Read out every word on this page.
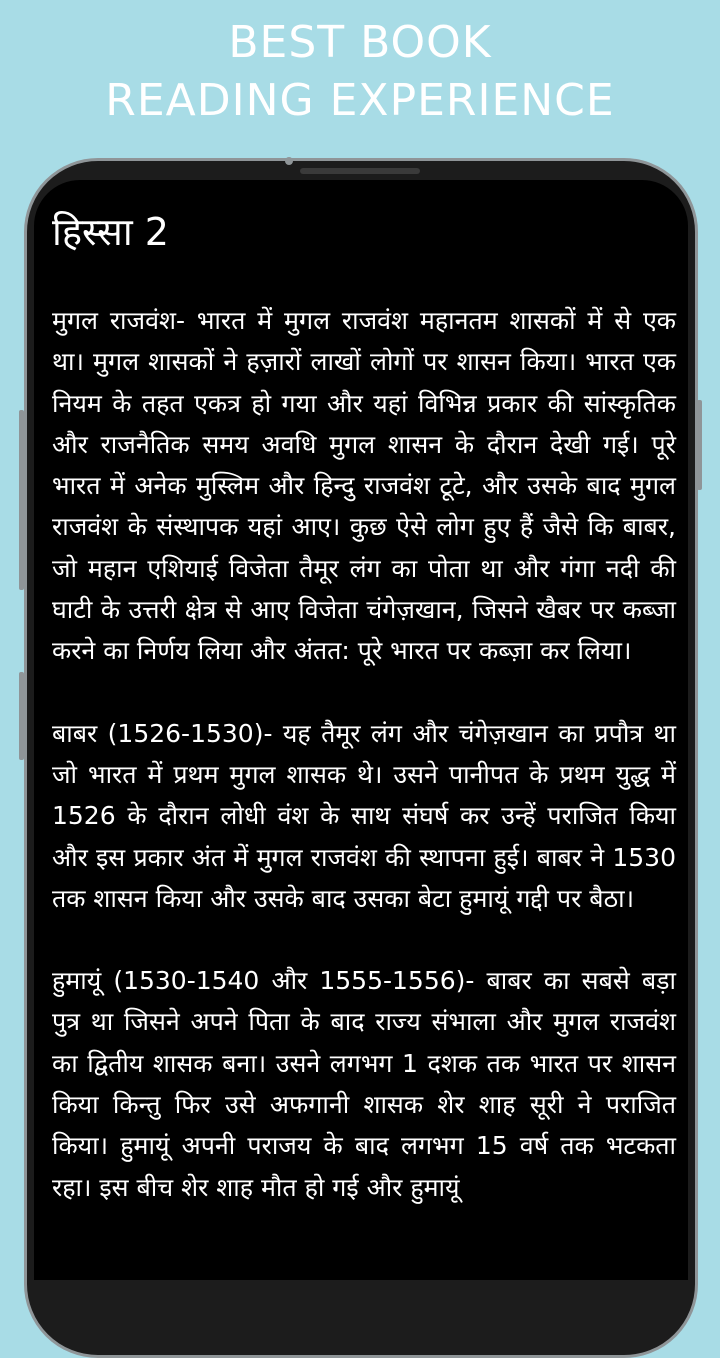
BEST BOOK
READING EXPERIENCE
हिस्सा 2

मुगल राजवंश- भारत में मुगल राजवंश महानतम शासकों में से एक था। मुगल शासकों ने हज़ारों लाखों लोगों पर शासन किया। भारत एक नियम के तहत एकत्र हो गया और यहां विभिन्न प्रकार की सांस्कृतिक और राजनैतिक समय अवधि मुगल शासन के दौरान देखी गई। पूरे भारत में अनेक मुस्लिम और हिन्दु राजवंश टूटे, और उसके बाद मुगल राजवंश के संस्थापक यहां आए। कुछ ऐसे लोग हुए हैं जैसे कि बाबर, जो महान एशियाई विजेता तैमूर लंग का पोता था और गंगा नदी की घाटी के उत्तरी क्षेत्र से आए विजेता चंगेज़खान, जिसने खैबर पर कब्जा करने का निर्णय लिया और अंतत: पूरे भारत पर कब्ज़ा कर लिया।

बाबर (1526-1530)- यह तैमूर लंग और चंगेज़खान का प्रपौत्र था जो भारत में प्रथम मुगल शासक थे। उसने पानीपत के प्रथम युद्ध में 1526 के दौरान लोधी वंश के साथ संघर्ष कर उन्हें पराजित किया और इस प्रकार अंत में मुगल राजवंश की स्थापना हुई। बाबर ने 1530 तक शासन किया और उसके बाद उसका बेटा हुमायूं गद्दी पर बैठा।

हुमायूं (1530-1540 और 1555-1556)- बाबर का सबसे बड़ा पुत्र था जिसने अपने पिता के बाद राज्य संभाला और मुगल राजवंश का द्वितीय शासक बना। उसने लगभग 1 दशक तक भारत पर शासन किया किन्तु फिर उसे अफगानी शासक शेर शाह सूरी ने पराजित किया। हुमायूं अपनी पराजय के बाद लगभग 15 वर्ष तक भटकता रहा। इस बीच शेर शाह मौत हो गई और हुमायूं
